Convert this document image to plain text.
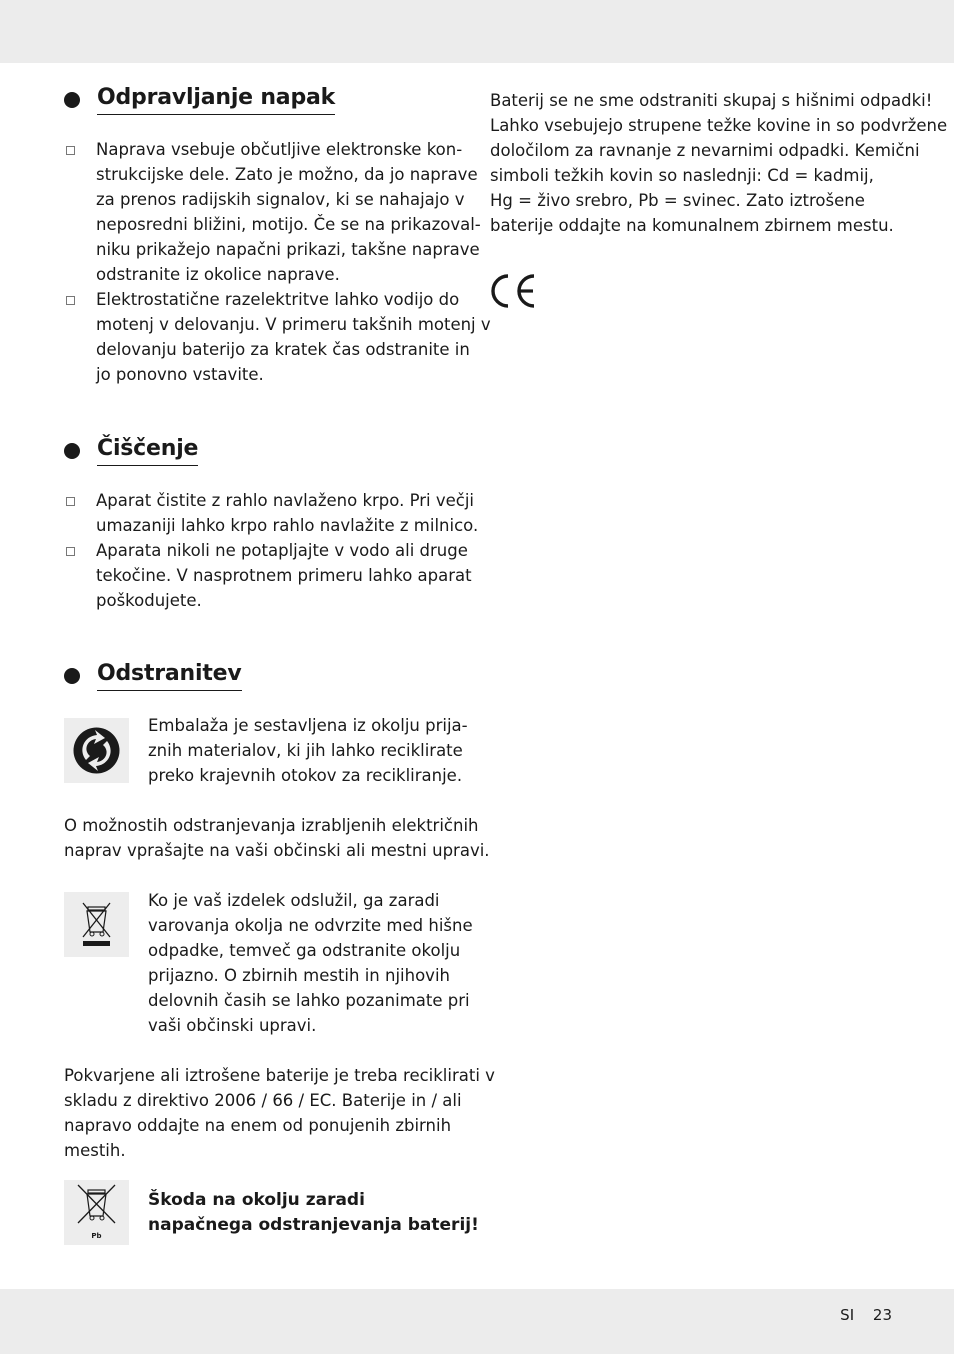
Odpravljanje napak
Naprava vsebuje občutljive elektronske kon-
strukcijske dele. Zato je možno, da jo naprave
za prenos radijskih signalov, ki se nahajajo v
neposredni bližini, motijo. Če se na prikazoval-
niku prikažejo napačni prikazi, takšne naprave
odstranite iz okolice naprave.
Elektrostatične razelektritve lahko vodijo do
motenj v delovanju. V primeru takšnih motenj v
delovanju baterijo za kratek čas odstranite in
jo ponovno vstavite.
Čiščenje
Aparat čistite z rahlo navlaženo krpo. Pri večji
umazaniji lahko krpo rahlo navlažite z milnico.
Aparata nikoli ne potapljajte v vodo ali druge
tekočine. V nasprotnem primeru lahko aparat
poškodujete.
Odstranitev
Embalaža je sestavljena iz okolju prija-
znih materialov, ki jih lahko reciklirate
preko krajevnih otokov za recikliranje.
O možnostih odstranjevanja izrabljenih električnih
naprav vprašajte na vaši občinski ali mestni upravi.
Ko je vaš izdelek odslužil, ga zaradi
varovanja okolja ne odvrzite med hišne
odpadke, temveč ga odstranite okolju
prijazno. O zbirnih mestih in njihovih
delovnih časih se lahko pozanimate pri
vaši občinski upravi.
Pokvarjene ali iztrošene baterije je treba reciklirati v
skladu z direktivo 2006 / 66 / EC. Baterije in / ali
napravo oddajte na enem od ponujenih zbirnih
mestih.
Pb
Škoda na okolju zaradi
napačnega odstranjevanja baterij!
Baterij se ne sme odstraniti skupaj s hišnimi odpadki!
Lahko vsebujejo strupene težke kovine in so podvržene
določilom za ravnanje z nevarnimi odpadki. Kemični
simboli težkih kovin so naslednji: Cd = kadmij,
Hg = živo srebro, Pb = svinec. Zato iztrošene
baterije oddajte na komunalnem zbirnem mestu.
SI 23
